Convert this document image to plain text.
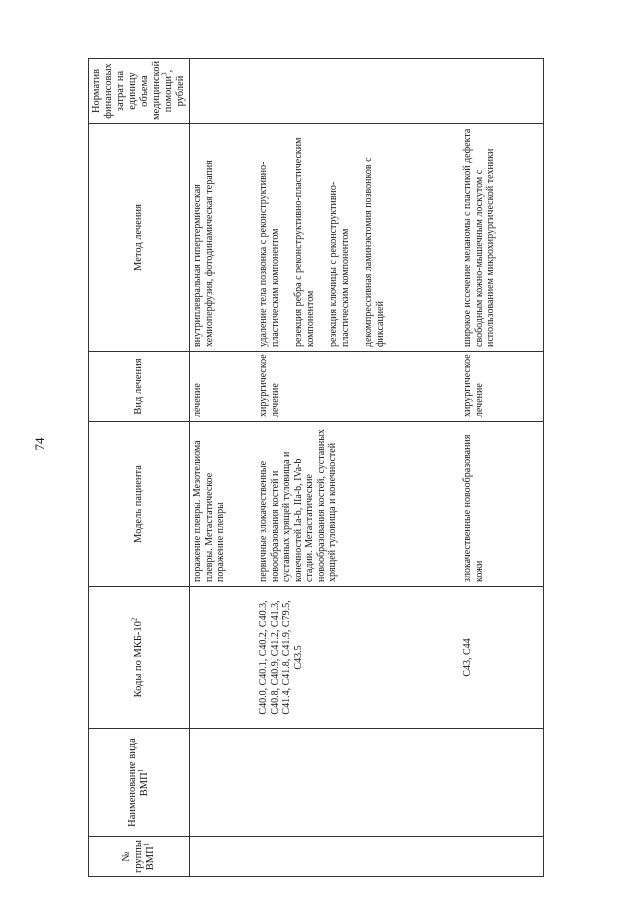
74
№ группы ВМП$^1$	Наименование вида ВМП$^1$	Коды по МКБ-$10^2$	Модель пациента	Вид лечения	Метод лечения	Норматив финансовых затрат на единицу объема медицинской помощи$^3$, рублей
			поражение плевры. Мезотелиома плевры. Метастатическое поражение плевры	лечение	внутриплевральная гипертермическая хемиоперфузия, фотодинамическая терапия	

		C40.0, C40.1, C40.2, C40.3, C40.8, C40.9, C41.2, C41.3, C41.4, C41.8, C41.9, C79.5, C43.5	первичные злокачественные новообразования костей и суставных хрящей туловища и конечностей Ia-b, IIa-b, IVa-b стадии. Метастатические новообразования костей, суставных хрящей туловища и конечностей	хирургическое лечение	удаление тела позвонка с реконструктивно-пластическим компонентом резекция ребра с реконструктивно-пластическим компонентом резекция ключицы с реконструктивно-пластическим компонентом декомпрессивная ламинэктомия позвонков с фиксацией	

		C43, C44	злокачественные новообразования кожи	хирургическое лечение	широкое иссечение меланомы с пластикой дефекта свободным кожно-мышечным лоскутом с использованием микрохирургической техники	
